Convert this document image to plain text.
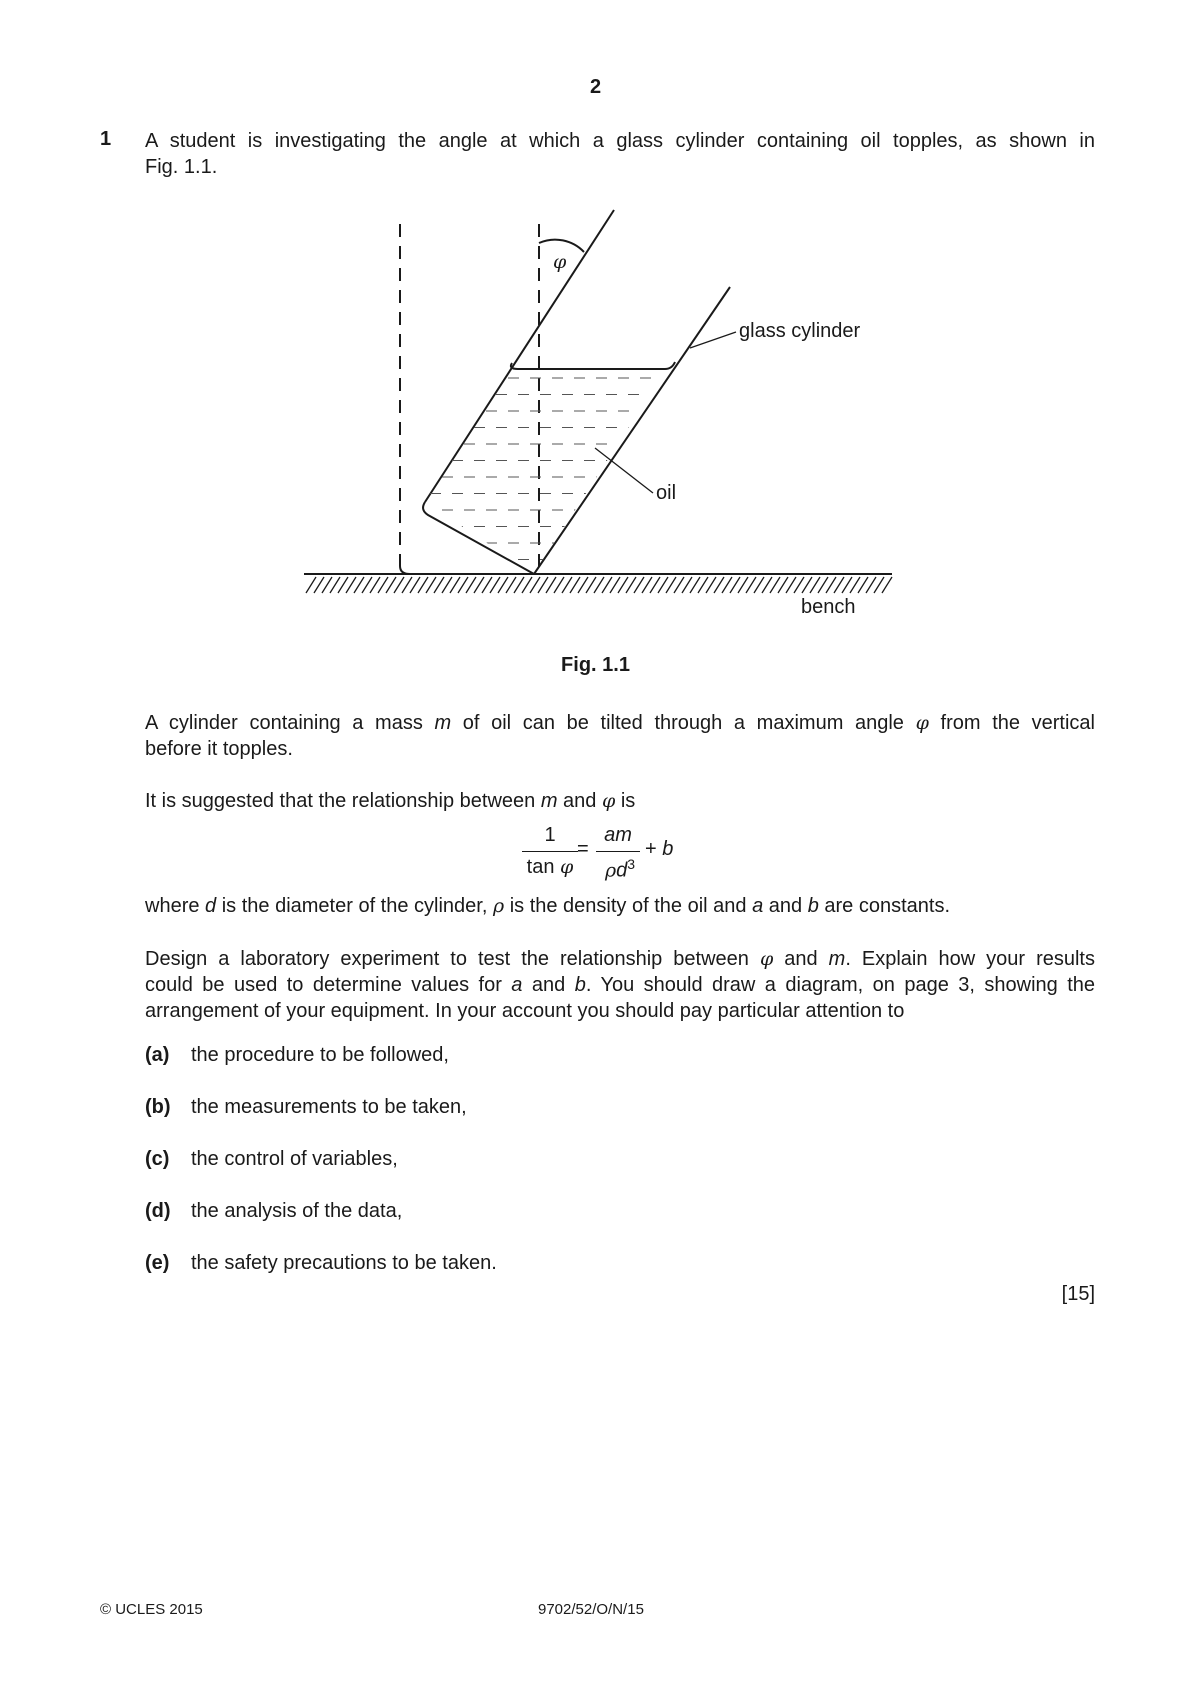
2
1 A student is investigating the angle at which a glass cylinder containing oil topples, as shown in
Fig. 1.1.
φ
glass cylinder
oil
bench
Fig. 1.1
A cylinder containing a mass m of oil can be tilted through a maximum angle φ from the vertical
before it topples.
It is suggested that the relationship between m and φ is
1
tan φ
=
am
$\rho d^3$
+ b
where d is the diameter of the cylinder, ρ is the density of the oil and a and b are constants.
Design a laboratory experiment to test the relationship between φ and m. Explain how your results
could be used to determine values for a and b. You should draw a diagram, on page 3, showing the
arrangement of your equipment. In your account you should pay particular attention to
(a) the procedure to be followed,
(b) the measurements to be taken,
(c) the control of variables,
(d) the analysis of the data,
(e) the safety precautions to be taken.
[15]
© UCLES 2015	9702/52/O/N/15
